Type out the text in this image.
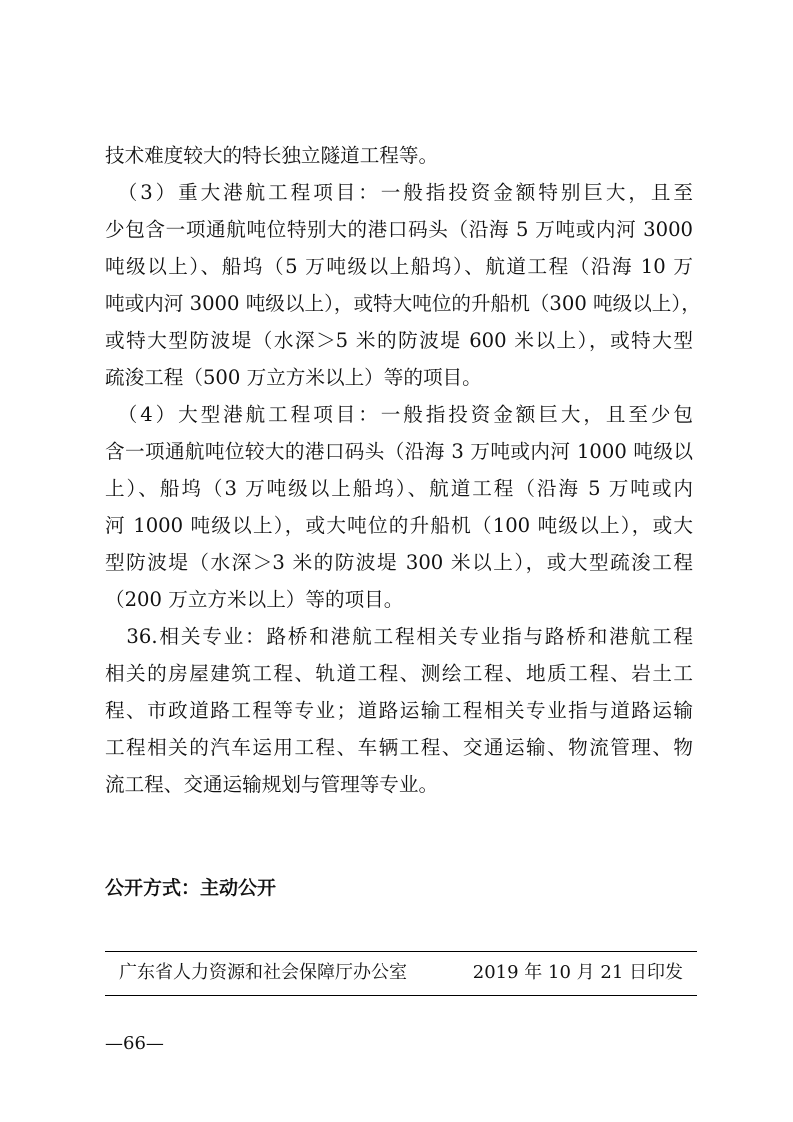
技术难度较大的特长独立隧道工程等。
　（3）重大港航工程项目：一般指投资金额特别巨大，且至
少包含一项通航吨位特别大的港口码头（沿海 5 万吨或内河 3000
吨级以上）、船坞（5 万吨级以上船坞）、航道工程（沿海 10 万
吨或内河 3000 吨级以上），或特大吨位的升船机（300 吨级以上），
或特大型防波堤（水深＞5 米的防波堤 600 米以上），或特大型
疏浚工程（500 万立方米以上）等的项目。
　（4）大型港航工程项目：一般指投资金额巨大，且至少包
含一项通航吨位较大的港口码头（沿海 3 万吨或内河 1000 吨级以
上）、船坞（3 万吨级以上船坞）、航道工程（沿海 5 万吨或内
河 1000 吨级以上），或大吨位的升船机（100 吨级以上），或大
型防波堤（水深＞3 米的防波堤 300 米以上），或大型疏浚工程
（200 万立方米以上）等的项目。
　36.相关专业：路桥和港航工程相关专业指与路桥和港航工程
相关的房屋建筑工程、轨道工程、测绘工程、地质工程、岩土工
程、市政道路工程等专业；道路运输工程相关专业指与道路运输
工程相关的汽车运用工程、车辆工程、交通运输、物流管理、物
流工程、交通运输规划与管理等专业。
公开方式：主动公开
广东省人力资源和社会保障厅办公室	2019 年 10 月 21 日印发
—66—
